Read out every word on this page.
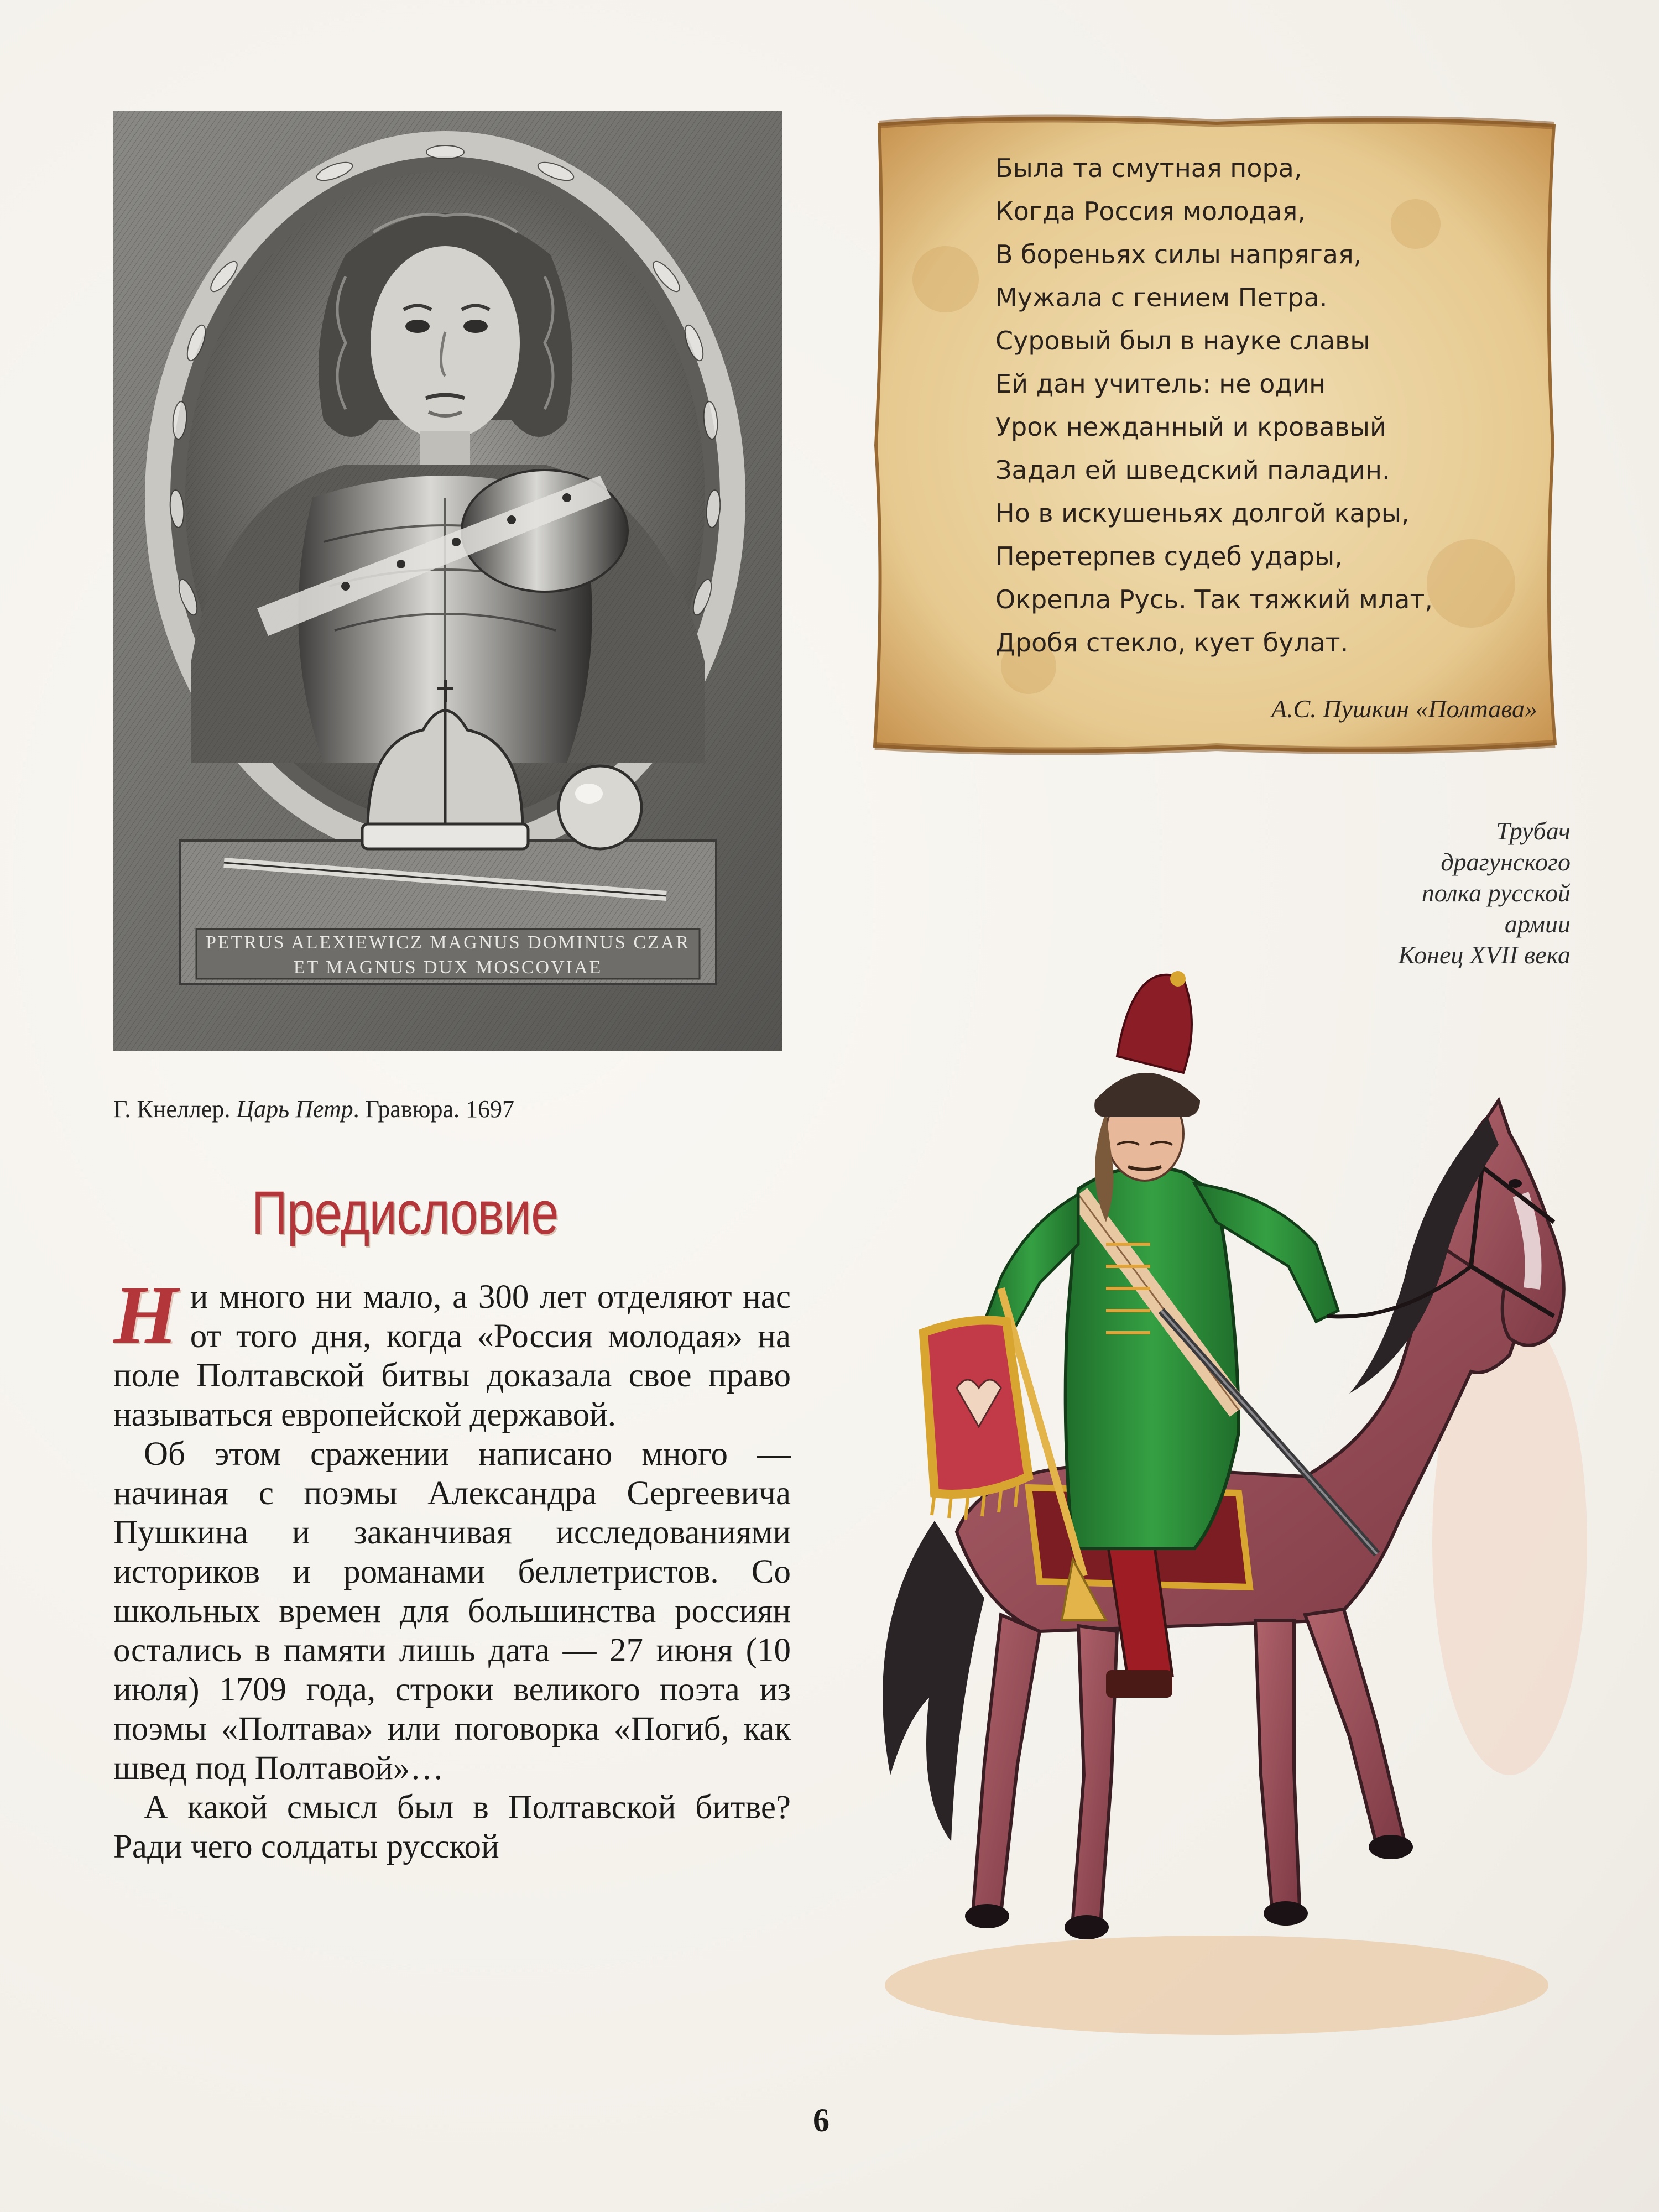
PETRUS ALEXIEWICZ MAGNUS DOMINUS CZAR
ET MAGNUS DUX MOSCOVIAE
Г. Кнеллер. Царь Петр. Гравюра. 1697
Была та смутная пора,
Когда Россия молодая,
В бореньях силы напрягая,
Мужала с гением Петра.
Суровый был в науке славы
Ей дан учитель: не один
Урок нежданный и кровавый
Задал ей шведский паладин.
Но в искушеньях долгой кары,
Перетерпев судеб удары,
Окрепла Русь. Так тяжкий млат,
Дробя стекло, кует булат.
А.С. Пушкин «Полтава»
Трубач
драгунского
полка русской
армии
Конец XVII века
Предисловие

Ни много ни мало, а 300 лет отделяют нас от того дня, когда «Россия молодая» на поле Полтавской битвы доказала свое право называться европейской державой.

Об этом сражении написано много — начиная с поэмы Александра Сергеевича Пушкина и заканчивая исследованиями историков и романами беллетристов. Со школьных времен для большинства россиян остались в памяти лишь дата — 27 июня (10 июля) 1709 года, строки великого поэта из поэмы «Полтава» или поговорка «Погиб, как швед под Полтавой»…

А какой смысл был в Полтавской битве? Ради чего солдаты русской

6
